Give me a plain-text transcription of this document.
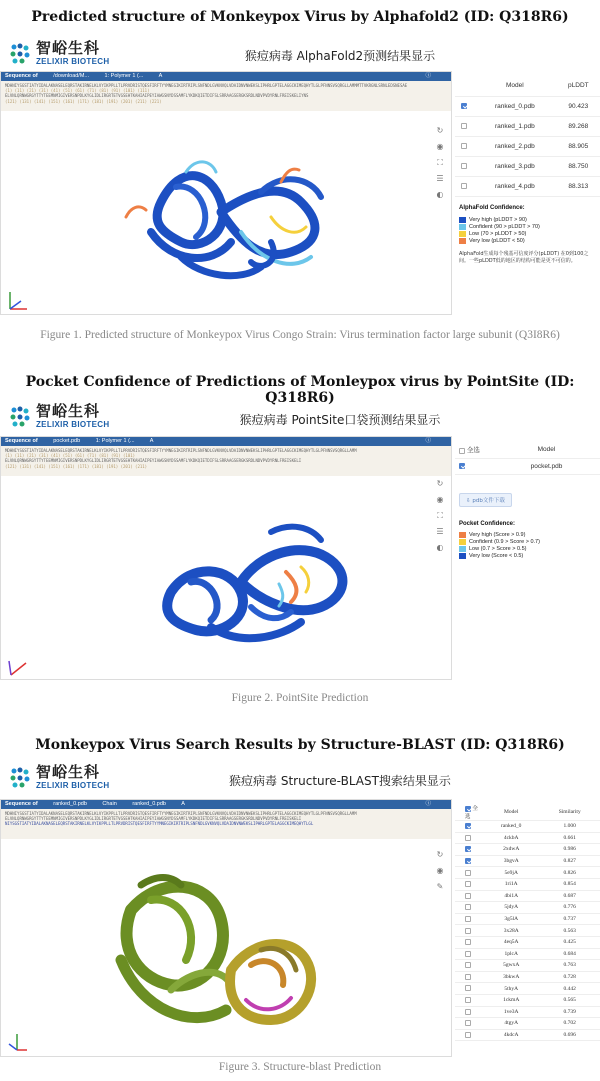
Predicted structure of Monkeypox Virus by Alphafold2 (ID: Q318R6)
智峪生科
ZELIXIR BIOTECH	猴痘病毒 AlphaFold2预测结果显示
Sequence of	/download/M...	1: Polymer 1 (...	A	ⓘ
MDHNIYSGSTIATYIDALAKNASELEQRSTAKIRNELKLVYIKPPLLTLPRVDRISTQESFIRFTYYMNEGIKIRTRIPLSNFNDLGVKNVQLVDAIDNVNWEKSLIPHRLGPTELAGGCKIMEQHYTLGLPFNNSVSQRGLLAMMMTTVKRGNLSRNLEDSNESAE
(1) (11) (21) (31) (41) (51) (61) (71) (81) (91) (101) (111)
ELVNLQRNWGRGYTTYTEEMNMIGIVERSNPDLKYGLIDLIRGRTETVGSEHTKAHIAIPEYIAWGSNYDSSAMFLYKDKQIETDIFSLSRRAAGSERGKSRDLNDVPVDYRNLFREISKELIYNS
(121) (131) (141) (151) (161) (171) (181) (191) (201) (211) (221)
↻
◉
⛶
☰
◐
	Model	pLDDT
	ranked_0.pdb	90.423
	ranked_1.pdb	89.268
	ranked_2.pdb	88.905
	ranked_3.pdb	88.750
	ranked_4.pdb	88.313
AlphaFold Confidence:
Very high (pLDDT > 90)
Confident (90 > pLDDT > 70)
Low (70 > pLDDT > 50)
Very low (pLDDT < 50)
AlphaFold生成每个残基可信度评分(pLDDT) 在0到100之间。一些pLDDT低的地区的结构可能是更不可信的。
Figure 1. Predicted structure of Monkeypox Virus Congo Strain: Virus termination factor large subunit (Q3I8R6)
Pocket Confidence of Predictions of Monleypox virus by PointSite (ID: Q318R6)
智峪生科
ZELIXIR BIOTECH	猴痘病毒 PointSite口袋预测结果显示
Sequence of	pocket.pdb	1: Polymer 1 (...	A	ⓘ
MDHNIYSGSTIATYIDALAKNASELEQRSTAKIRNELKLVYIKPPLLTLPRVDRISTQESFIRFTYYMNEGIKIRTRIPLSNFNDLGVKNVQLVDAIDNVNWEKSLIPHRLGPTELAGGCKIMEQHYTLGLPFNNSVSQRGLLAMM
(1) (11) (21) (31) (41) (51) (61) (71) (81) (91) (101)
ELVNLQRNWGRGYTTYTEEMNMIGIVERSNPDLKYGLIDLIRGRTETVGSEHTKAHIAIPEYIAWGSNYDSSAMFLYKDKQIETDIFSLSRRAAGSERGKSRDLNDVPVDYRNLFREISKELI
(121) (131) (141) (151) (161) (171) (181) (191) (201) (211)
↻
◉
⛶
☰
◐
全选	Model
	pocket.pdb
⇩ pdb文件下载
Pocket Confidence:
Very high (Score > 0.9)
Confident (0.9 > Score > 0.7)
Low (0.7 > Score > 0.5)
Very low (Score < 0.5)
Figure 2. PointSite Prediction
Monkeypox Virus Search Results by Structure-BLAST (ID: Q318R6)
智峪生科
ZELIXIR BIOTECH	猴痘病毒 Structure-BLAST搜索结果显示
Sequence of	ranked_0.pdb	Chain	ranked_0.pdb	A	ⓘ
MDHNIYSGSTIATYIDALAKNASELEQRSTAKIRNELKLVYIKPPLLTLPRVDRISTQESFIRFTYYMNEGIKIRTRIPLSNFNDLGVKNVQLVDAIDNVNWEKSLIPHRLGPTELAGGCKIMEQHYTLGLPFNNSVSQRGLLAMM
ELVNLQRNWGRGYTTYTEEMNMIGIVERSNPDLKYGLIDLIRGRTETVGSEHTKAHIAIPEYIAWGSNYDSSAMFLYKDKQIETDIFSLSRRAAGSERGKSRDLNDVPVDYRNLFREISKELI
NIYSGSTIATYIDALAKNASELEQRSTAKIRNELKLVYIKPPLLTLPRVDRISTQESFIRFTYYMNEGIKIRTRIPLSNFNDLGVKNVQLVDAIDNVNWEKSLIPHRLGPTELAGGCKIMEQHYTLGL
↻
◉
✎
全选	Model	Similarity
	ranked_0	1.000
	4ckbA	0.661
	2xdwA	0.986
	3bgvA	0.827
	5e9jA	0.826
	1ri1A	0.854
	4bi1A	0.687
	5jdyA	0.776
	3g5lA	0.737
	3x28A	0.563
	4eq5A	0.425
	1plcA	0.684
	5gwxA	0.763
	3bkwA	0.728
	5thyA	0.442
	1ckmA	0.565
	1ve3A	0.739
	4tgyA	0.702
	4kdcA	0.696
Figure 3. Structure-blast Prediction
